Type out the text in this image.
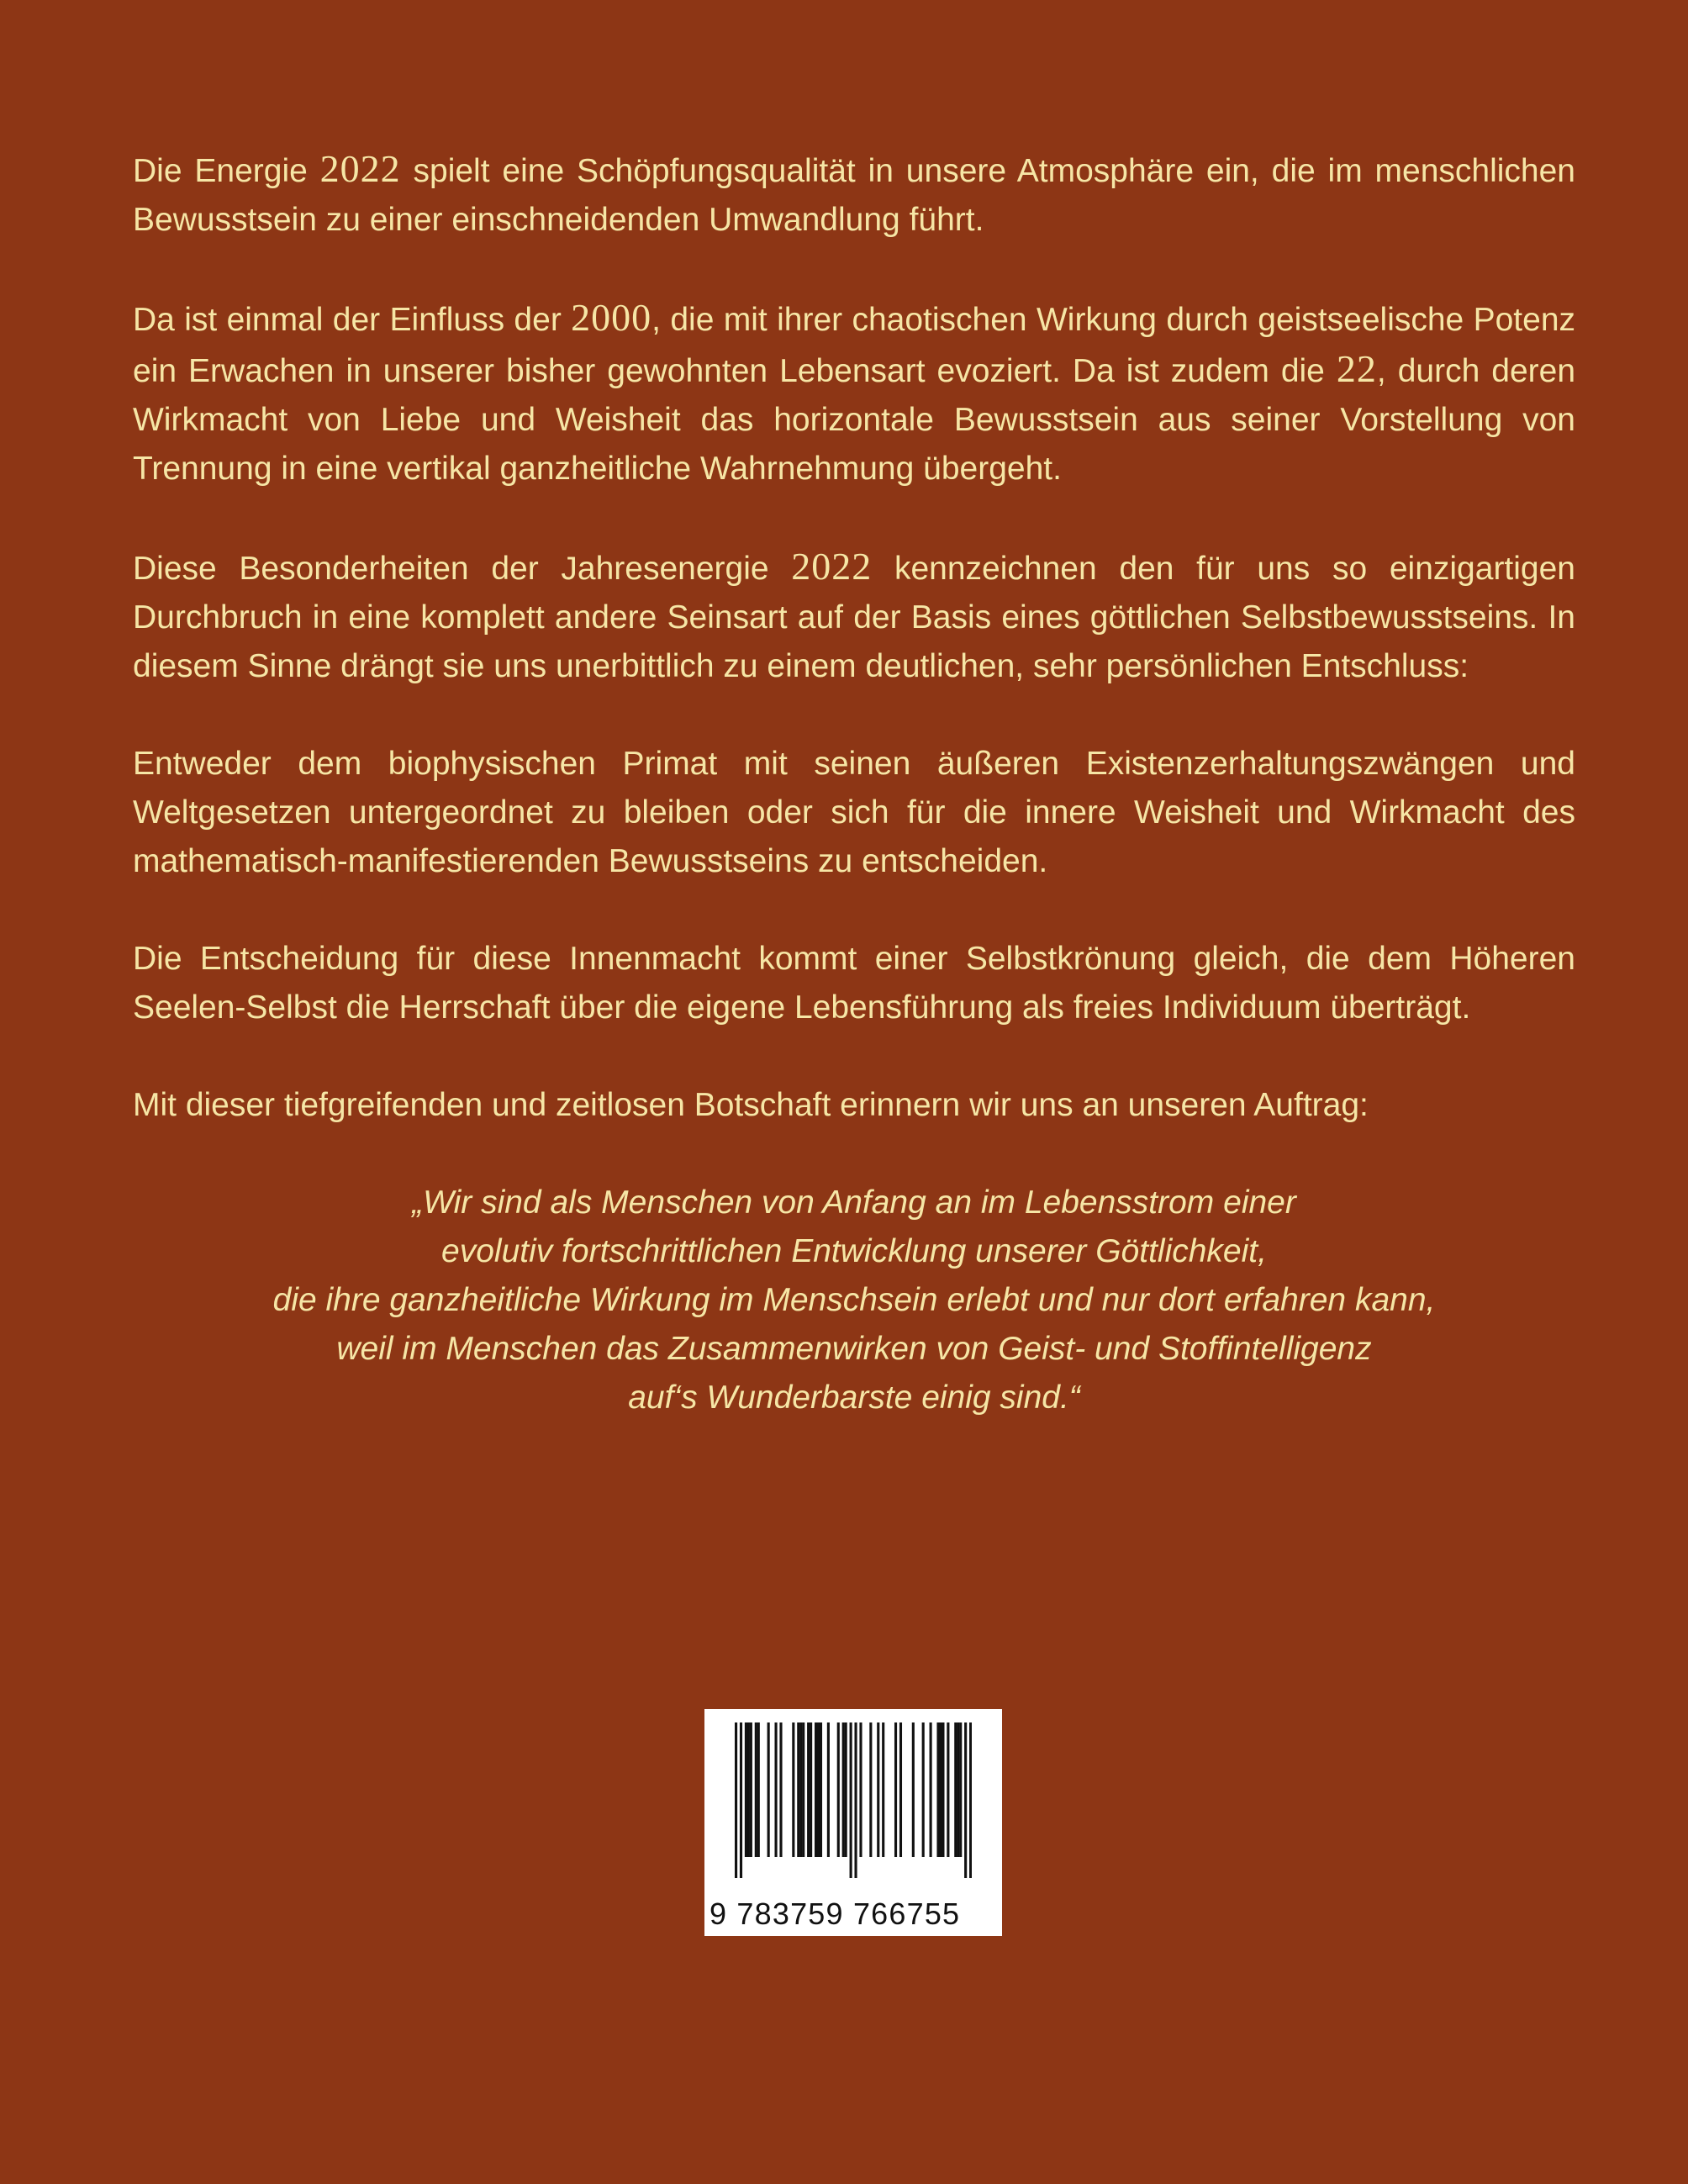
Die Energie 2022 spielt eine Schöpfungsqualität in unsere Atmosphäre ein, die im menschlichen Bewusstsein zu einer einschneidenden Umwandlung führt.

Da ist einmal der Einfluss der 2000, die mit ihrer chaotischen Wirkung durch geistseelische Potenz ein Erwachen in unserer bisher gewohnten Lebensart evoziert. Da ist zudem die 22, durch deren Wirkmacht von Liebe und Weisheit das horizontale Bewusstsein aus seiner Vorstellung von Trennung in eine vertikal ganzheitliche Wahrnehmung übergeht.

Diese Besonderheiten der Jahresenergie 2022 kennzeichnen den für uns so einzigartigen Durchbruch in eine komplett andere Seinsart auf der Basis eines göttlichen Selbstbewusstseins. In diesem Sinne drängt sie uns unerbittlich zu einem deutlichen, sehr persönlichen Entschluss:

Entweder dem biophysischen Primat mit seinen äußeren Existenzerhaltungszwängen und Weltgesetzen untergeordnet zu bleiben oder sich für die innere Weisheit und Wirkmacht des mathematisch-manifestierenden Bewusstseins zu entscheiden.

Die Entscheidung für diese Innenmacht kommt einer Selbstkrönung gleich, die dem Höheren Seelen-Selbst die Herrschaft über die eigene Lebensführung als freies Individuum überträgt.

Mit dieser tiefgreifenden und zeitlosen Botschaft erinnern wir uns an unseren Auftrag:

„Wir sind als Menschen von Anfang an im Lebensstrom einer
evolutiv fortschrittlichen Entwicklung unserer Göttlichkeit,
die ihre ganzheitliche Wirkung im Menschsein erlebt und nur dort erfahren kann,
weil im Menschen das Zusammenwirken von Geist- und Stoffintelligenz
auf‘s Wunderbarste einig sind.“
9 783759 766755
